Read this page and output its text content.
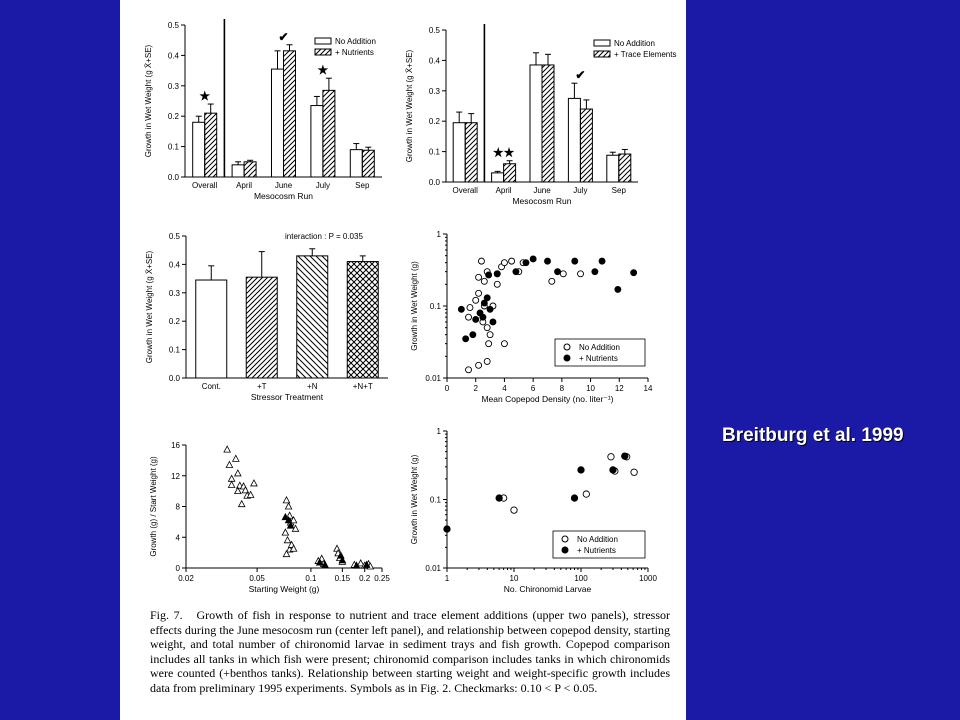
0.0
0.1
0.2
0.3
0.4
0.5
Growth in Wet Weight (g X̄+SE)
Overall April	June	July	Sep
Mesocosm Run
★
✔
★
No Addition
+ Nutrients
0.0
0.1
0.2
0.3
0.4
0.5
Growth in Wet Weight (g X̄+SE)
Overall April	June	July	Sep
Mesocosm Run
★★
✔
No Addition
+ Trace Elements
0.0
0.1
0.2
0.3
0.4
0.5
Growth in Wet Weight (g X̄+SE)
Cont.	+T	+N	+N+T
Stressor Treatment
interaction : P = 0.035
0.01
0.1
1
0	2	4	6	8	10 12 14
Mean Copepod Density (no. liter⁻¹)
Growth in Wet Weight (g)	No Addition
+ Nutrients
0
4
8
12
16
0.02	0.05	0.1 0.15 0.2 0.25
Starting Weight (g)
Growth (g) / Start Weight (g)
0.01
0.1
1
1	10	100	1000
No. Chironomid Larvae
Growth in Wet Weight (g)	No Addition
+ Nutrients
Fig. 7. Growth of fish in response to nutrient and trace element additions (upper two panels), stressor effects during the June mesocosm run (center left panel), and relationship between copepod density, starting weight, and total number of chironomid larvae in sediment trays and fish growth. Copepod comparison includes all tanks in which fish were present; chironomid comparison includes tanks in which chironomids were counted (+benthos tanks). Relationship between starting weight and weight-specific growth includes data from preliminary 1995 experiments. Symbols as in Fig. 2. Checkmarks: 0.10 < P < 0.05.
Breitburg et al. 1999
